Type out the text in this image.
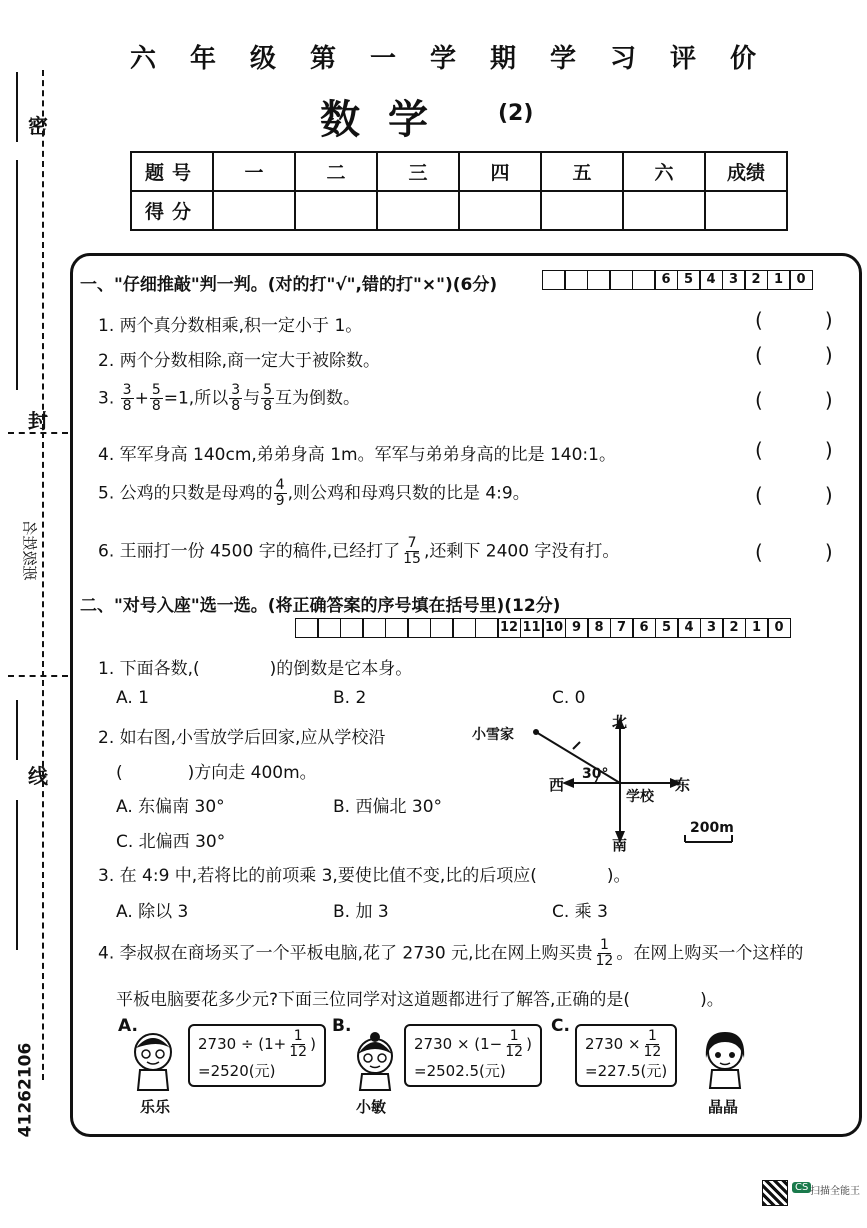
密
封
班级姓名
线
41262106
六年级第一学期学习评价
数学 (2)
题号	一	二	三	四	五	六	成绩
得分							
一、"仔细推敲"判一判。(对的打"√",错的打"×")(6分)	6	5	4	3	2	1	0
1. 两个真分数相乘,积一定小于 1。
2. 两个分数相除,商一定大于被除数。
3. $\frac{3}{8} + \frac{5}{8} =1$,所以 $\frac{3}{8}$ 与 $\frac{5}{8}$ 互为倒数。
4. 军军身高 140cm,弟弟身高 1m。军军与弟弟身高的比是 140:1。
5. 公鸡的只数是母鸡的 $\frac{4}{9}$ ,则公鸡和母鸡只数的比是 4:9。
6. 王丽打一份 4500 字的稿件,已经打了 $\frac{7}{15}$ ,还剩下 2400 字没有打。
(	)
(	)
(	)
(	)
(	)
(	)
二、"对号入座"选一选。(将正确答案的序号填在括号里)(12分)
12 11 10 9	8	7	6	5	4	3	2	1	0
1. 下面各数,(	)的倒数是它本身。
A. 1	B. 2	C. 0
2. 如右图,小雪放学后回家,应从学校沿
(	)方向走 400m。
A. 东偏南 30°	B. 西偏北 30°
C. 北偏西 30°
小雪家
北
南
东
西
学校
30°
200m
3. 在 4:9 中,若将比的前项乘 3,要使比值不变,比的后项应(	)。
A. 除以 3	B. 加 3	C. 乘 3
4. 李叔叔在商场买了一个平板电脑,花了 2730 元,比在网上购买贵 $\frac{1}{12}$ 。在网上购买一个这样的
平板电脑要花多少元?下面三位同学对这道题都进行了解答,正确的是(	)。
A.
$2730 \div (1+ \frac{1}{12}$ )
=2520(元)
乐乐
B.
$2730 \times (1- \frac{1}{12}$ )
=2502.5(元)
小敏
C.
$2730 \times \frac{1}{12}$
=227.5(元)
晶晶
CS 扫描全能王
